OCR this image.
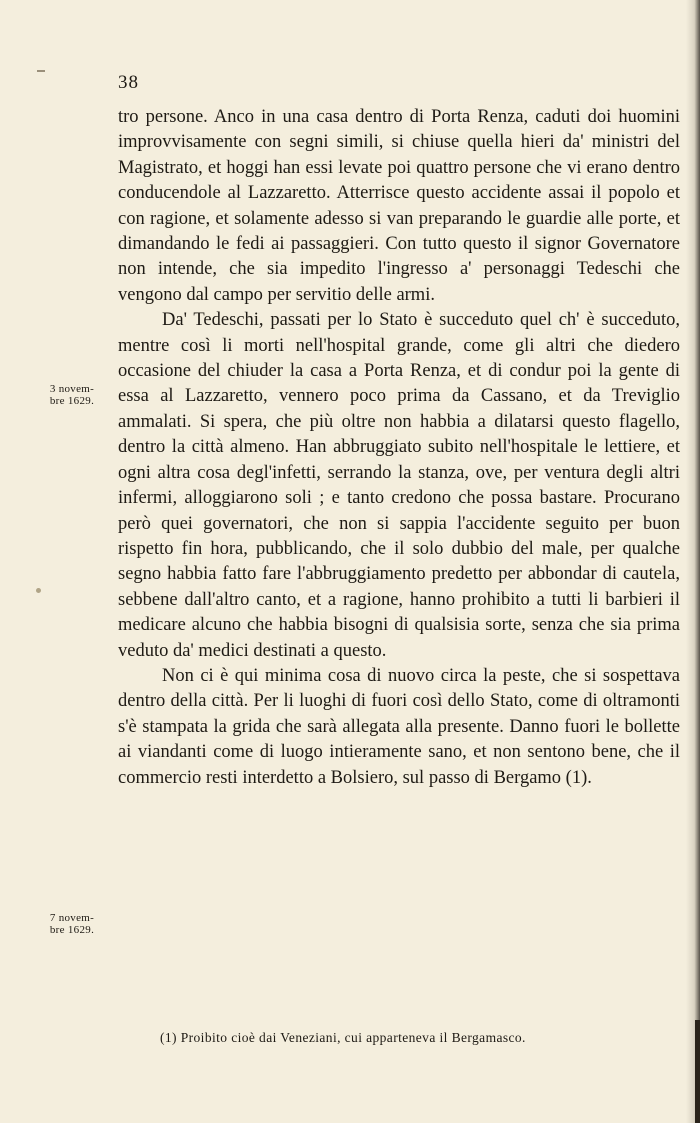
38

tro persone. Anco in una casa dentro di Porta Renza, caduti doi huomini improvvisamente con segni simili, si chiuse quella hieri da' ministri del Magistrato, et hoggi han essi levate poi quattro persone che vi erano dentro conducendole al Lazzaretto. Atterrisce questo accidente assai il popolo et con ragione, et solamente adesso si van preparando le guardie alle porte, et dimandando le fedi ai passaggieri. Con tutto questo il signor Governatore non intende, che sia impedito l'ingresso a' personaggi Tedeschi che vengono dal campo per servitio delle armi.

Da' Tedeschi, passati per lo Stato è succeduto quel ch' è succeduto, mentre così li morti nell'hospital grande, come gli altri che diedero occasione del chiuder la casa a Porta Renza, et di condur poi la gente di essa al Lazzaretto, vennero poco prima da Cassano, et da Treviglio ammalati. Si spera, che più oltre non habbia a dilatarsi questo flagello, dentro la città almeno. Han abbruggiato subito nell'hospitale le lettiere, et ogni altra cosa degl'infetti, serrando la stanza, ove, per ventura degli altri infermi, alloggiarono soli ; e tanto credono che possa bastare. Procurano però quei governatori, che non si sappia l'accidente seguito per buon rispetto fin hora, pubblicando, che il solo dubbio del male, per qualche segno habbia fatto fare l'abbruggiamento predetto per abbondar di cautela, sebbene dall'altro canto, et a ragione, hanno prohibito a tutti li barbieri il medicare alcuno che habbia bisogni di qualsisia sorte, senza che sia prima veduto da' medici destinati a questo.

Non ci è qui minima cosa di nuovo circa la peste, che si sospettava dentro della città. Per li luoghi di fuori così dello Stato, come di oltramonti s'è stampata la grida che sarà allegata alla presente. Danno fuori le bollette ai viandanti come di luogo intieramente sano, et non sentono bene, che il commercio resti interdetto a Bolsiero, sul passo di Bergamo (1).

3 novem-
bre 1629.
7 novem-
bre 1629.
(1) Proibito cioè dai Veneziani, cui apparteneva il Bergamasco.
